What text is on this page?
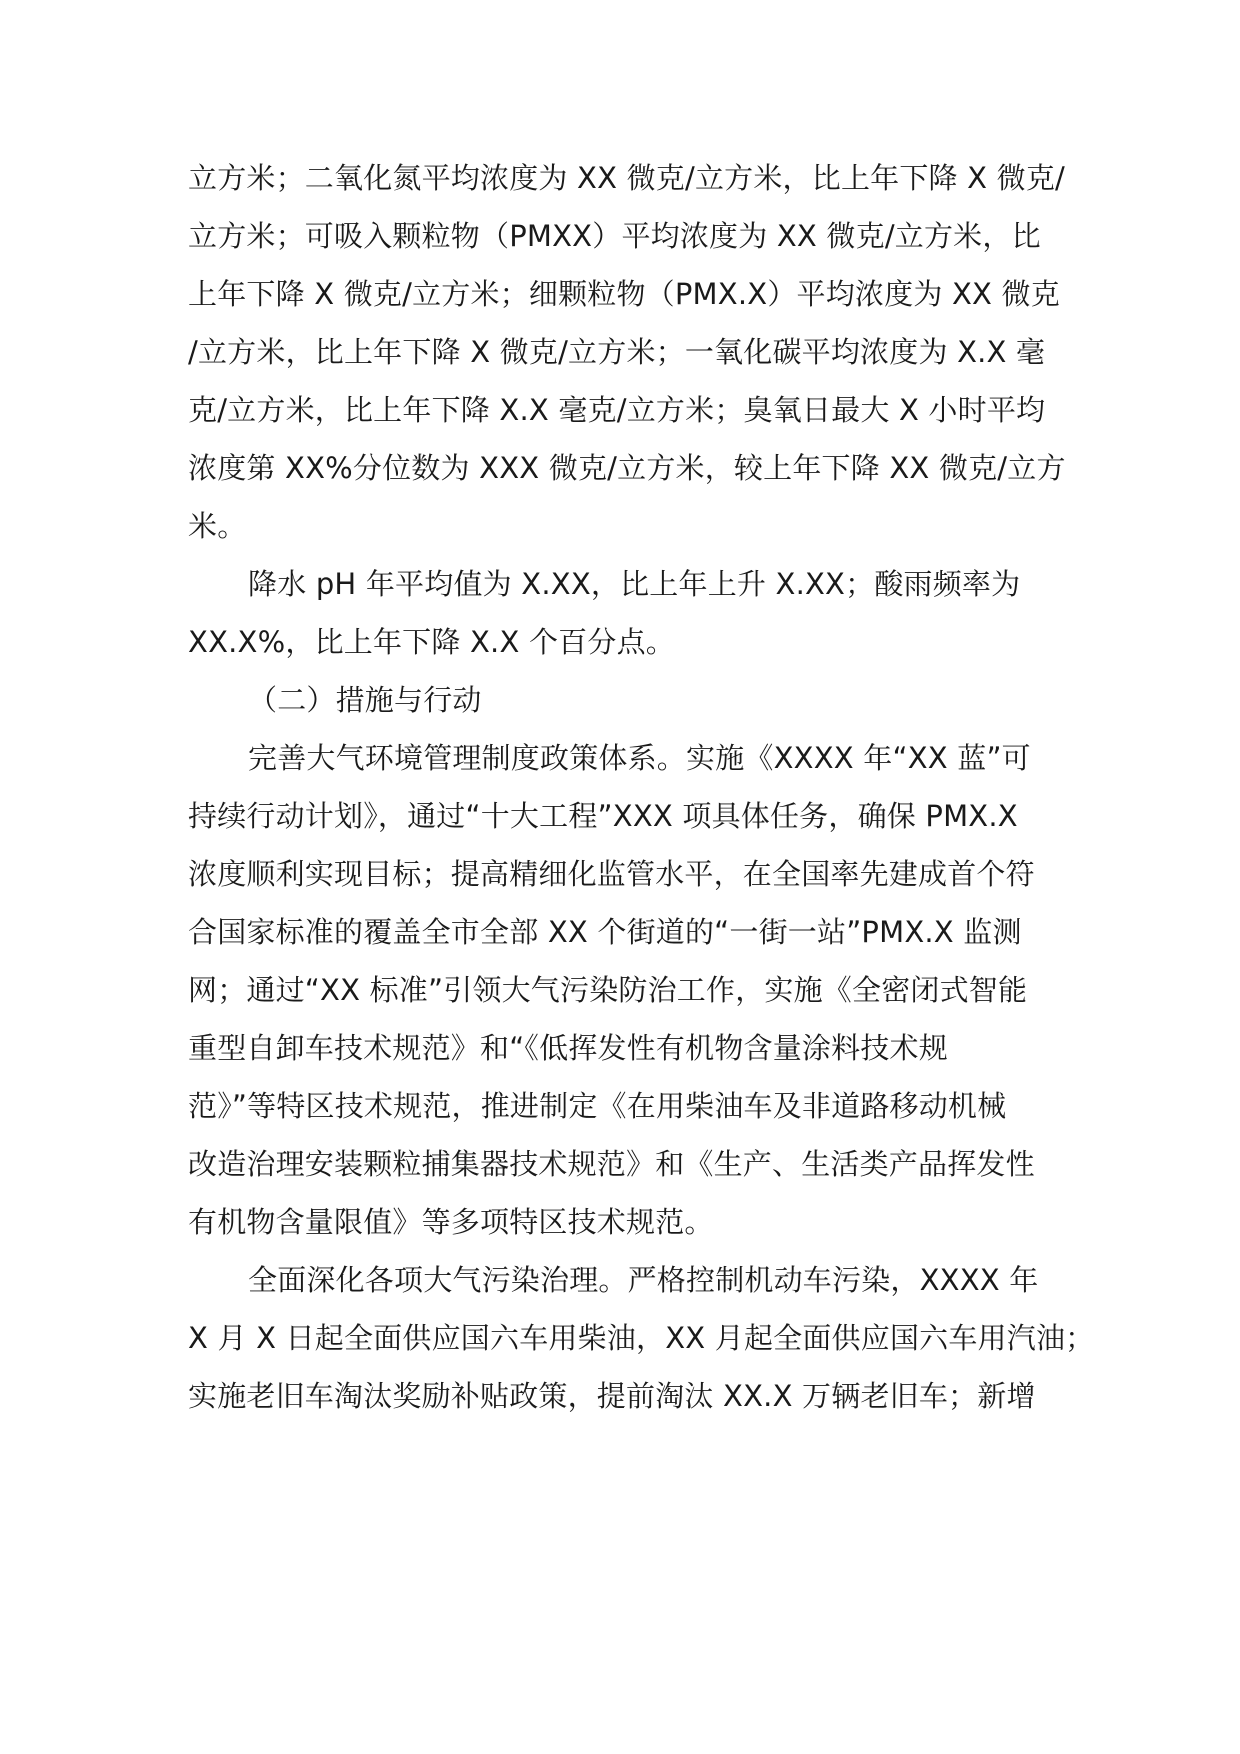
立方米；二氧化氮平均浓度为 XX 微克/立方米，比上年下降 X 微克/
立方米；可吸入颗粒物（PMXX）平均浓度为 XX 微克/立方米，比
上年下降 X 微克/立方米；细颗粒物（PMX.X）平均浓度为 XX 微克
/立方米，比上年下降 X 微克/立方米；一氧化碳平均浓度为 X.X 毫
克/立方米，比上年下降 X.X 毫克/立方米；臭氧日最大 X 小时平均
浓度第 XX%分位数为 XXX 微克/立方米，较上年下降 XX 微克/立方
米。
降水 pH 年平均值为 X.XX，比上年上升 X.XX；酸雨频率为
XX.X%，比上年下降 X.X 个百分点。
（二）措施与行动
完善大气环境管理制度政策体系。实施《XXXX 年“XX 蓝”可
持续行动计划》，通过“十大工程”XXX 项具体任务，确保 PMX.X
浓度顺利实现目标；提高精细化监管水平，在全国率先建成首个符
合国家标准的覆盖全市全部 XX 个街道的“一街一站”PMX.X 监测
网；通过“XX 标准”引领大气污染防治工作，实施《全密闭式智能
重型自卸车技术规范》和“《低挥发性有机物含量涂料技术规
范》”等特区技术规范，推进制定《在用柴油车及非道路移动机械
改造治理安装颗粒捕集器技术规范》和《生产、生活类产品挥发性
有机物含量限值》等多项特区技术规范。
全面深化各项大气污染治理。严格控制机动车污染，XXXX 年
X 月 X 日起全面供应国六车用柴油，XX 月起全面供应国六车用汽油；
实施老旧车淘汰奖励补贴政策，提前淘汰 XX.X 万辆老旧车；新增
